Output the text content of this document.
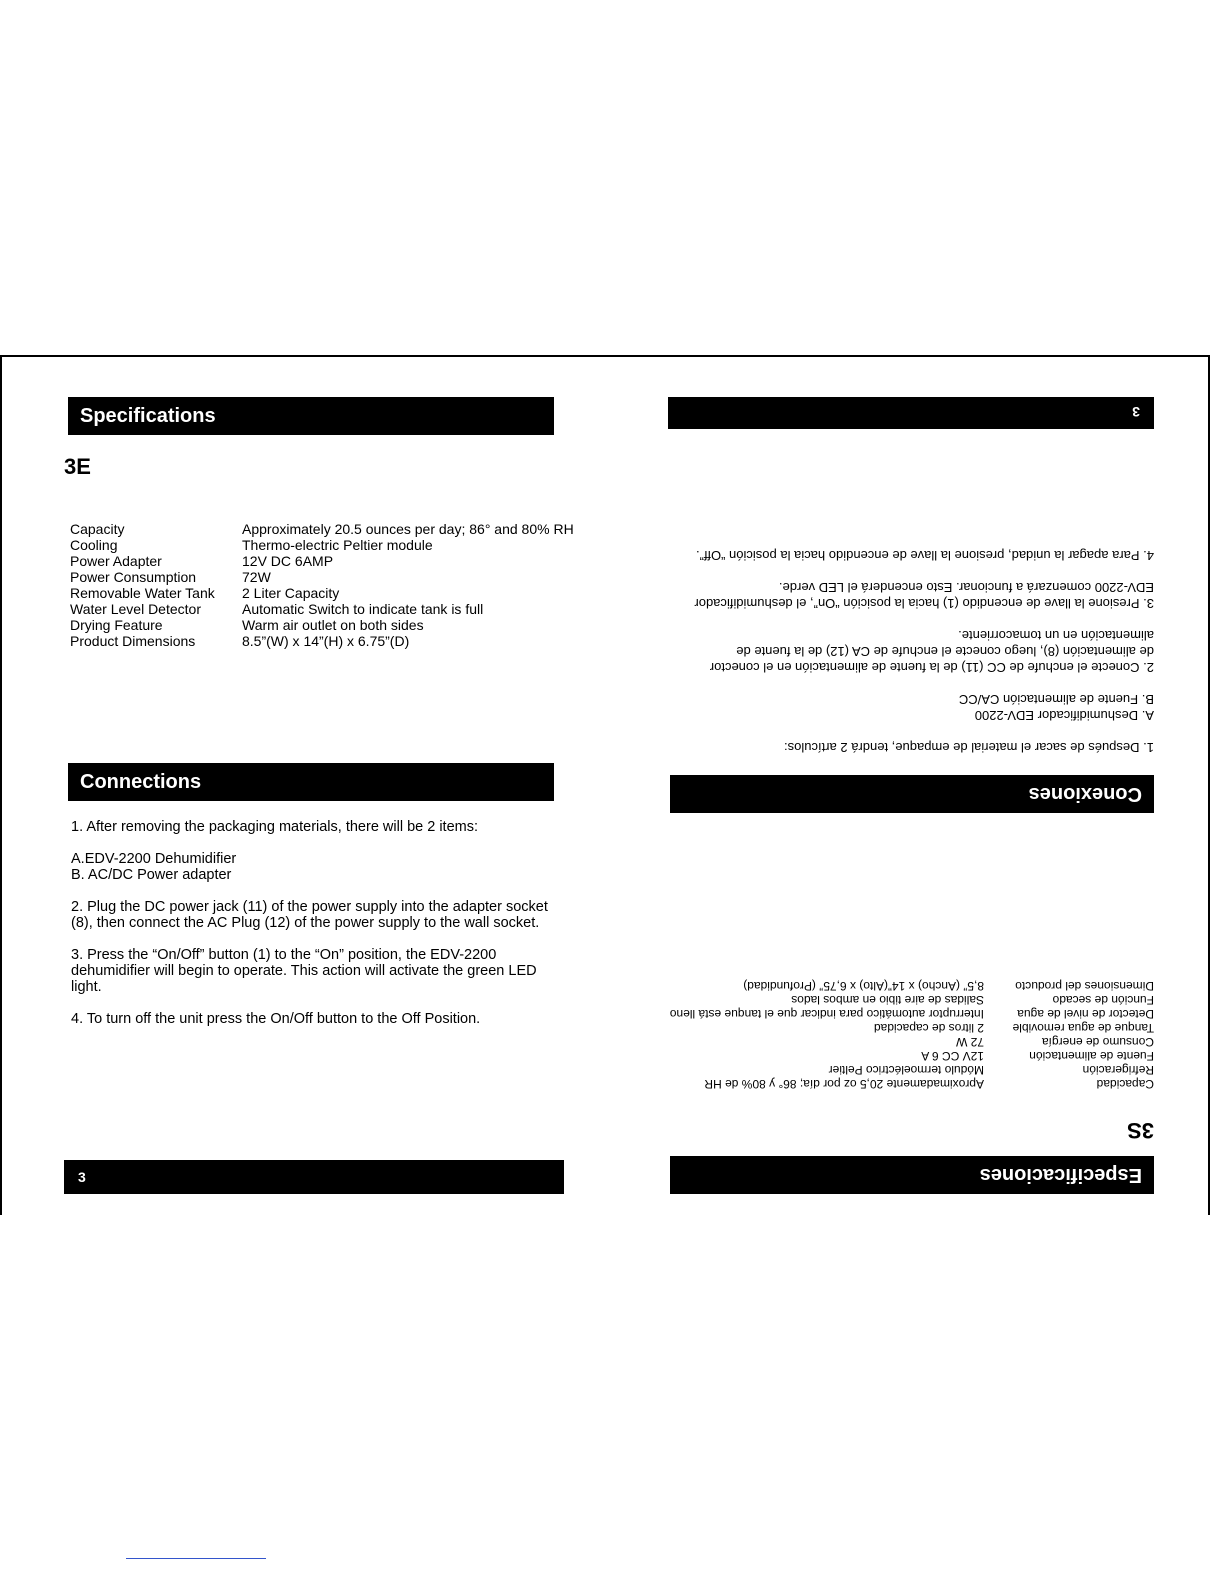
Specifications
3E
Capacity	Approximately 20.5 ounces per day; 86° and 80% RH
Cooling	Thermo-electric Peltier module
Power Adapter	12V DC 6AMP
Power Consumption	72W
Removable Water Tank	2 Liter Capacity
Water Level Detector	Automatic Switch to indicate tank is full
Drying Feature	Warm air outlet on both sides
Product Dimensions	8.5”(W) x 14”(H) x 6.75”(D)
Connections

1. After removing the packaging materials, there will be 2 items:

A.EDV-2200 Dehumidifier

B. AC/DC Power adapter

2. Plug the DC power jack (11) of the power supply into the adapter socket (8), then connect the AC Plug (12) of the power supply to the wall socket.

3. Press the “On/Off” button (1) to the “On” position, the EDV-2200 dehumidifier will begin to operate. This action will activate the green LED light.

4. To turn off the unit press the On/Off button to the Off Position.

3	Especificaciones
3S
Capacidad	Aproximadamente 20,5 oz por día; 86° y 80% de HR
Refrigeración	Módulo termoeléctrico Peltier
Fuente de alimentación	12V CC 6 A
Consumo de energía	72 W
Tanque de agua removible	2 litros de capacidad
Detector de nivel de agua	Interruptor automático para indicar que el tanque está lleno
Función de secado	Salidas de aire tibio en ambos lados
Dimensiones del producto	8,5” (Ancho) x 14”(Alto) x 6,75” (Profundidad)
Conexiones

1. Después de sacar el material de empaque, tendrá 2 artículos:

A. Deshumidificador EDV-2200

B. Fuente de alimentación CA/CC

2. Conecte el enchufe de CC (11) de la fuente de alimentación en el conector de alimentación (8), luego conecte el enchufe de CA (12) de la fuente de alimentación en un tomacorriente.

3. Presione la llave de encendido (1) hacia la posición “On”, el deshumidificador EDV-2200 comenzará a funcionar. Esto encenderá el LED verde.

4. Para apagar la unidad, presione la llave de encendido hacia la posición “Off”.

3
